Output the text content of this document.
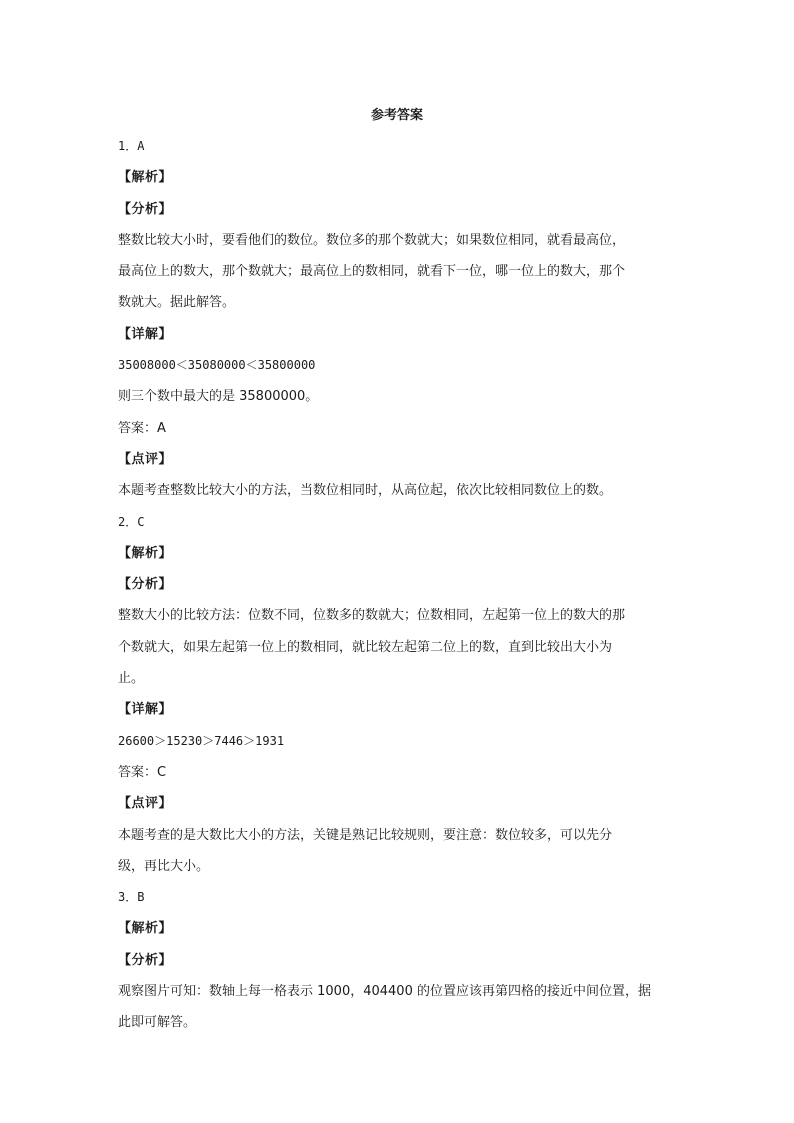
参考答案
1．A
【解析】
【分析】
整数比较大小时，要看他们的数位。数位多的那个数就大；如果数位相同，就看最高位，
最高位上的数大，那个数就大；最高位上的数相同，就看下一位，哪一位上的数大，那个
数就大。据此解答。
【详解】
35008000＜35080000＜35800000
则三个数中最大的是 35800000。
答案：A
【点评】
本题考查整数比较大小的方法，当数位相同时，从高位起，依次比较相同数位上的数。
2．C
【解析】
【分析】
整数大小的比较方法：位数不同，位数多的数就大；位数相同，左起第一位上的数大的那
个数就大，如果左起第一位上的数相同，就比较左起第二位上的数，直到比较出大小为
止。
【详解】
26600＞15230＞7446＞1931
答案：C
【点评】
本题考查的是大数比大小的方法，关键是熟记比较规则，要注意：数位较多，可以先分
级，再比大小。
3．B
【解析】
【分析】
观察图片可知：数轴上每一格表示 1000，404400 的位置应该再第四格的接近中间位置，据
此即可解答。
